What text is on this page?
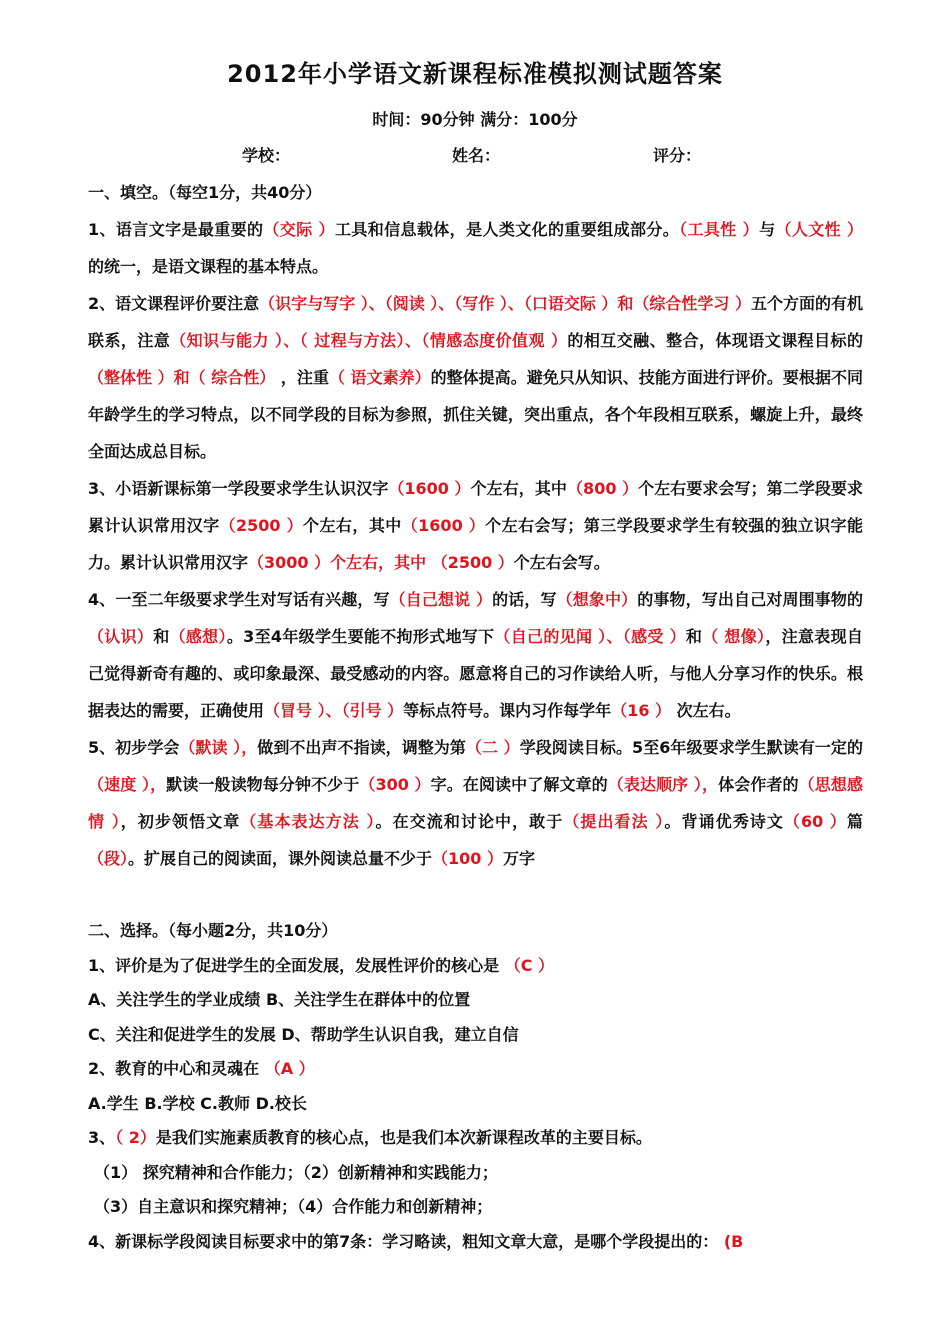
2012年小学语文新课程标准模拟测试题答案
时间：90分钟 满分：100分
学校：	姓名：	评分：

一、填空。（每空1分，共40分）

1、语言文字是最重要的（交际 ）工具和信息载体，是人类文化的重要组成部分。（工具性 ）与（人文性 ） 的统一，是语文课程的基本特点。

2、语文课程评价要注意（识字与写字 ）、（阅读 ）、（写作 ）、（口语交际 ）和（综合性学习 ）五个方面的有机联系，注意（知识与能力 ）、（ 过程与方法）、（情感态度价值观 ）的相互交融、整合，体现语文课程目标的（整体性 ）和（ 综合性） ，注重（ 语文素养）的整体提高。避免只从知识、技能方面进行评价。要根据不同年龄学生的学习特点，以不同学段的目标为参照，抓住关键，突出重点，各个年段相互联系，螺旋上升，最终全面达成总目标。

3、小语新课标第一学段要求学生认识汉字（1600 ）个左右，其中（800 ）个左右要求会写；第二学段要求累计认识常用汉字（2500 ）个左右，其中（1600 ）个左右会写；第三学段要求学生有较强的独立识字能力。累计认识常用汉字（3000 ）个左右，其中 （2500 ）个左右会写。

4、一至二年级要求学生对写话有兴趣，写（自己想说 ）的话，写（想象中）的事物，写出自己对周围事物的（认识）和（感想）。3至4年级学生要能不拘形式地写下（自己的见闻 ）、（感受 ）和（ 想像），注意表现自己觉得新奇有趣的、或印象最深、最受感动的内容。愿意将自己的习作读给人听，与他人分享习作的快乐。根据表达的需要，正确使用（冒号 ）、（引号 ）等标点符号。课内习作每学年（16 ） 次左右。

5、初步学会（默读 ），做到不出声不指读，调整为第（二 ）学段阅读目标。5至6年级要求学生默读有一定的（速度 ），默读一般读物每分钟不少于（300 ）字。在阅读中了解文章的（表达顺序 ），体会作者的（思想感情 ），初步领悟文章（基本表达方法 ）。在交流和讨论中，敢于（提出看法 ）。背诵优秀诗文（60 ）篇（段）。扩展自己的阅读面，课外阅读总量不少于（100 ）万字

二、选择。（每小题2分，共10分）

1、评价是为了促进学生的全面发展，发展性评价的核心是 （C ）

A、关注学生的学业成绩 B、关注学生在群体中的位置

C、关注和促进学生的发展 D、帮助学生认识自我，建立自信

2、教育的中心和灵魂在 （A ）

A.学生 B.学校 C.教师 D.校长

3、（ 2）是我们实施素质教育的核心点，也是我们本次新课程改革的主要目标。

（1） 探究精神和合作能力；（2）创新精神和实践能力；

（3）自主意识和探究精神；（4）合作能力和创新精神；

4、新课标学段阅读目标要求中的第7条：学习略读，粗知文章大意，是哪个学段提出的： (B
